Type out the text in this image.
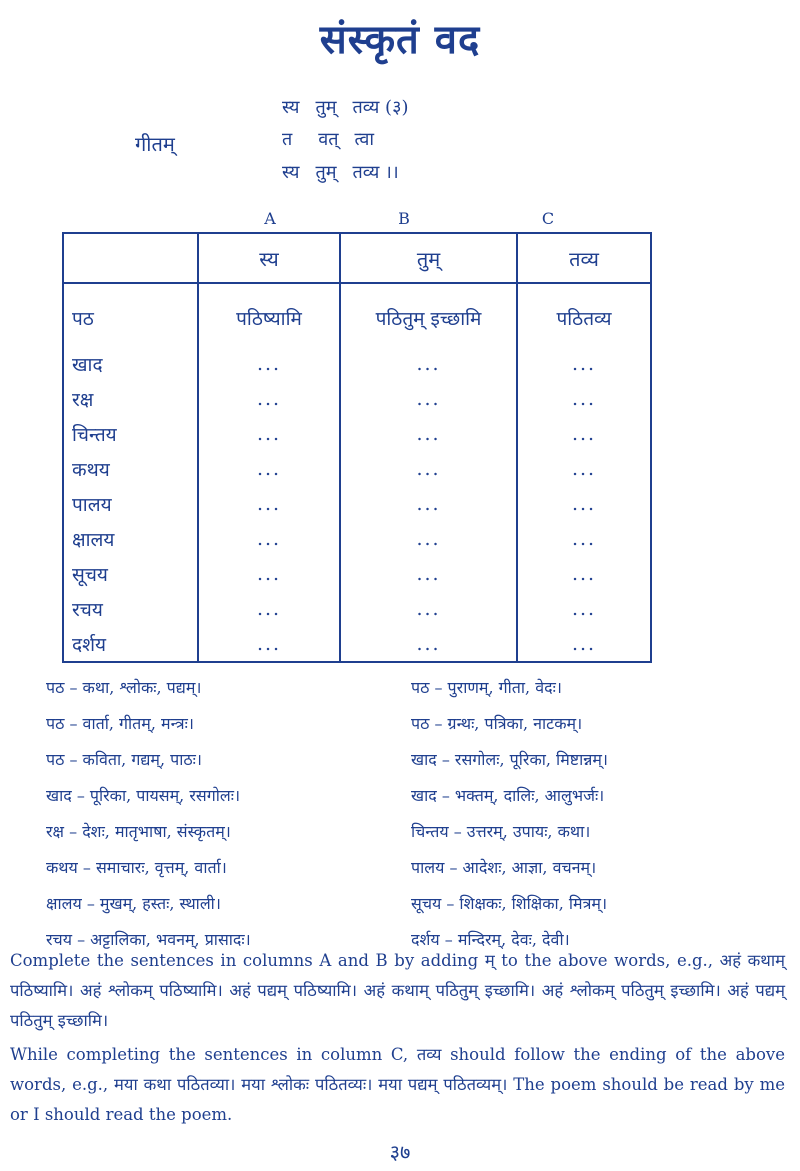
संस्कृतं वद
गीतम्
स्य तुम् तव्य (३)
त वत् त्वा
स्य तुम् तव्य ।।
A	B	C
	स्य	तुम्	तव्य
पठ	पठिष्यामि	पठितुम् इच्छामि	पठितव्य
खाद	...	...	...
रक्ष	...	...	...
चिन्तय	...	...	...
कथय	...	...	...
पालय	...	...	...
क्षालय	...	...	...
सूचय	...	...	...
रचय	...	...	...
दर्शय	...	...	...
पठ – कथा, श्लोकः, पद्यम्।	पठ – पुराणम्, गीता, वेदः।
पठ – वार्ता, गीतम्, मन्त्रः।	पठ – ग्रन्थः, पत्रिका, नाटकम्।
पठ – कविता, गद्यम्, पाठः।	खाद – रसगोलः, पूरिका, मिष्टान्नम्।
खाद – पूरिका, पायसम्, रसगोलः।	खाद – भक्तम्, दालिः, आलुभर्जः।
रक्ष – देशः, मातृभाषा, संस्कृतम्।	चिन्तय – उत्तरम्, उपायः, कथा।
कथय – समाचारः, वृत्तम्, वार्ता।	पालय – आदेशः, आज्ञा, वचनम्।
क्षालय – मुखम्, हस्तः, स्थाली।	सूचय – शिक्षकः, शिक्षिका, मित्रम्।
रचय – अट्टालिका, भवनम्, प्रासादः।	दर्शय – मन्दिरम्, देवः, देवी।
Complete the sentences in columns A and B by adding म् to the above words, e.g., अहं कथाम् पठिष्यामि। अहं श्लोकम् पठिष्यामि। अहं पद्यम् पठिष्यामि। अहं कथाम् पठितुम् इच्छामि। अहं श्लोकम् पठितुम् इच्छामि। अहं पद्यम् पठितुम् इच्छामि।
While completing the sentences in column C, तव्य should follow the ending of the above words, e.g., मया कथा पठितव्या। मया श्लोकः पठितव्यः। मया पद्यम् पठितव्यम्। The poem should be read by me or I should read the poem.
३७
